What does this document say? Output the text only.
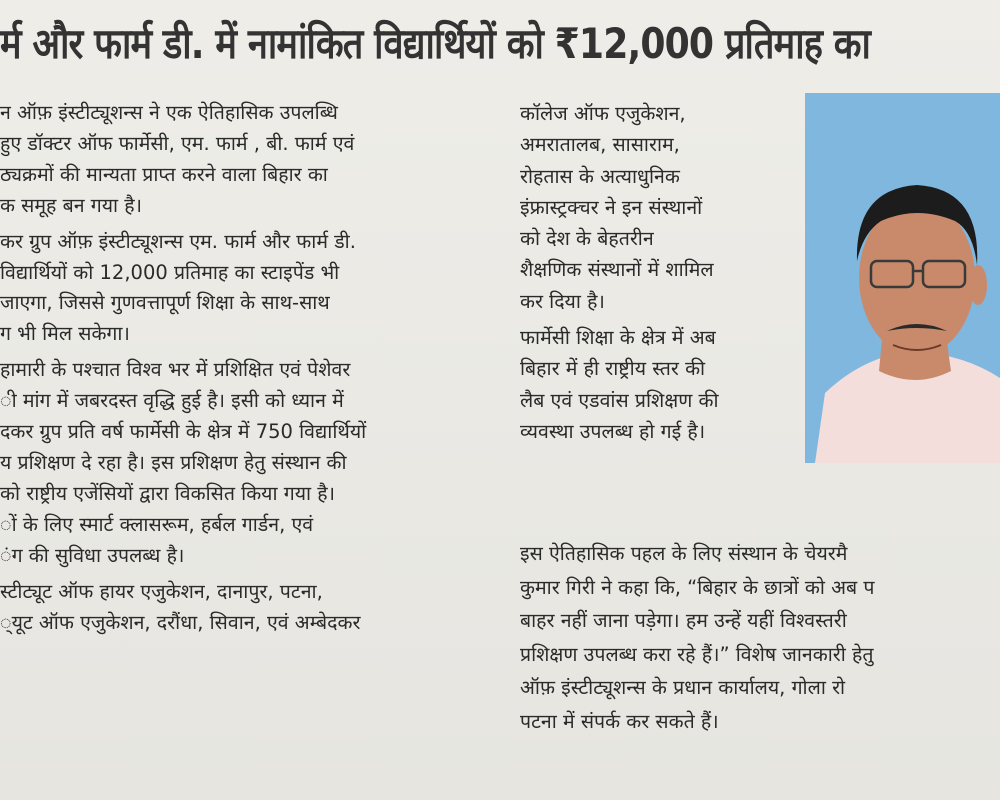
र्म और फार्म डी. में नामांकित विद्यार्थियों को ₹12,000 प्रतिमाह का

न ऑफ़ इंस्टीट्यूशन्स ने एक ऐतिहासिक उपलब्धि
हुए डॉक्टर ऑफ फार्मेसी, एम. फार्म , बी. फार्म एवं
ठ्यक्रमों की मान्यता प्राप्त करने वाला बिहार का
क समूह बन गया है।

कर ग्रुप ऑफ़ इंस्टीट्यूशन्स एम. फार्म और फार्म डी.
विद्यार्थियों को 12,000 प्रतिमाह का स्टाइपेंड भी
जाएगा, जिससे गुणवत्तापूर्ण शिक्षा के साथ-साथ
ग भी मिल सकेगा।

हामारी के पश्चात विश्व भर में प्रशिक्षित एवं पेशेवर
ी मांग में जबरदस्त वृद्धि हुई है। इसी को ध्यान में
दकर ग्रुप प्रति वर्ष फार्मेसी के क्षेत्र में 750 विद्यार्थियों
य प्रशिक्षण दे रहा है। इस प्रशिक्षण हेतु संस्थान की
को राष्ट्रीय एजेंसियों द्वारा विकसित किया गया है।
ों के लिए स्मार्ट क्लासरूम, हर्बल गार्डन, एवं
ंग की सुविधा उपलब्ध है।

स्टीट्यूट ऑफ हायर एजुकेशन, दानापुर, पटना,
्यूट ऑफ एजुकेशन, दरौंधा, सिवान, एवं अम्बेदकर

कॉलेज ऑफ एजुकेशन,
अमरातालब, सासाराम,
रोहतास के अत्याधुनिक
इंफ्रास्ट्रक्चर ने इन संस्थानों
को देश के बेहतरीन
शैक्षणिक संस्थानों में शामिल
कर दिया है।

फार्मेसी शिक्षा के क्षेत्र में अब
बिहार में ही राष्ट्रीय स्तर की
लैब एवं एडवांस प्रशिक्षण की
व्यवस्था उपलब्ध हो गई है।

इस ऐतिहासिक पहल के लिए संस्थान के चेयरमै
कुमार गिरी ने कहा कि, “बिहार के छात्रों को अब प
बाहर नहीं जाना पड़ेगा। हम उन्हें यहीं विश्वस्तरी
प्रशिक्षण उपलब्ध करा रहे हैं।” विशेष जानकारी हेतु
ऑफ़ इंस्टीट्यूशन्स के प्रधान कार्यालय, गोला रो
पटना में संपर्क कर सकते हैं।
